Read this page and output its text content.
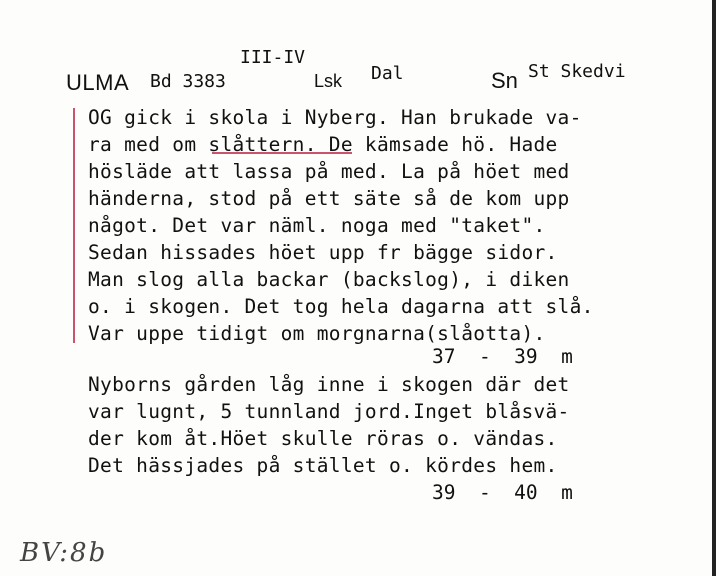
ULMA Bd 3383
III-IV
Lsk Dal	Sn St Skedvi
OG gick i skola i Nyberg. Han brukade va-
ra med om slåttern. De kämsade hö. Hade
hösläde att lassa på med. La på höet med
händerna, stod på ett säte så de kom upp
något. Det var näml. noga med "taket".
Sedan hissades höet upp fr bägge sidor.
Man slog alla backar (backslog), i diken
o. i skogen. Det tog hela dagarna att slå.
Var uppe tidigt om morgnarna(slåotta).
37  -  39  m
Nyborns gården låg inne i skogen där det
var lugnt, 5 tunnland jord.Inget blåsvä-
der kom åt.Höet skulle röras o. vändas.
Det hässjades på stället o. kördes hem.
39  -  40  m
BV:8b
